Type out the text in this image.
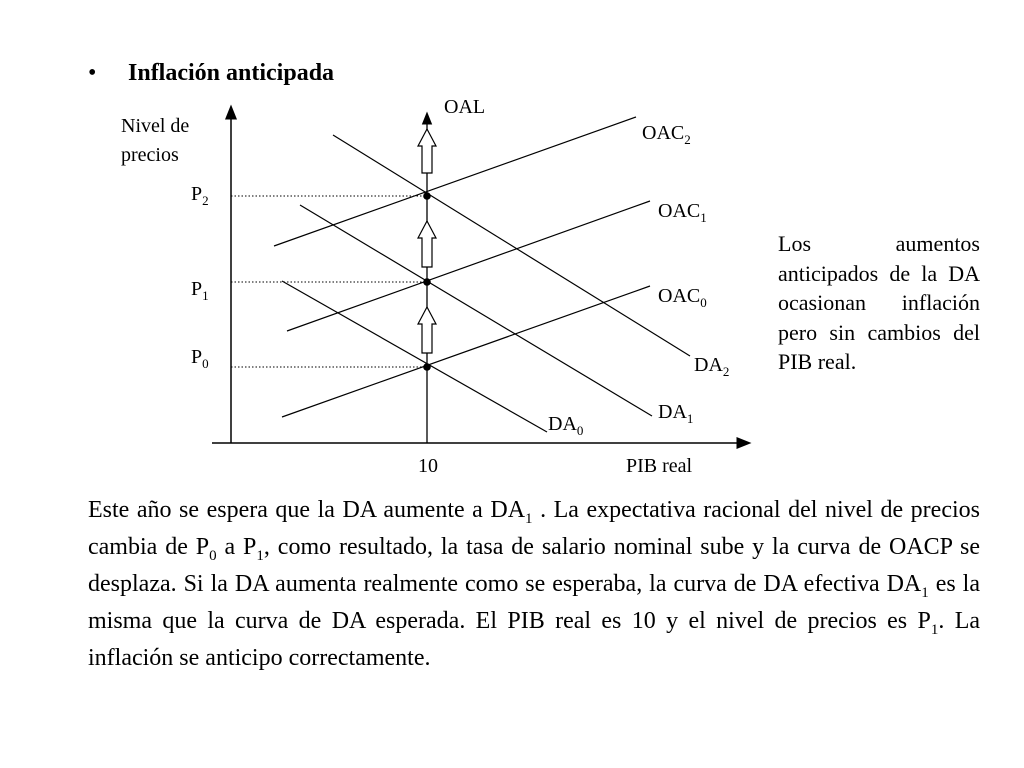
•	Inflación anticipada
Nivel de
precios
PIB real
10
OAL
$P_0$
$P_1$
$P_2$
$OAC_0$
$OAC_1$
$OAC_2$
$DA_0$
$DA_1$
$DA_2$
Los aumentos anticipados de la DA ocasionan inflación pero sin cambios del PIB real.

Este año se espera que la DA aumente a $DA_1$ . La expectativa racional del nivel de precios cambia de $P_0$ a $P_1$, como resultado, la tasa de salario nominal sube y la curva de OACP se desplaza. Si la DA aumenta realmente como se esperaba, la curva de DA efectiva $DA_1$ es la misma que la curva de DA esperada. El PIB real es 10 y el nivel de precios es $P_1$. La inflación se anticipo correctamente.
